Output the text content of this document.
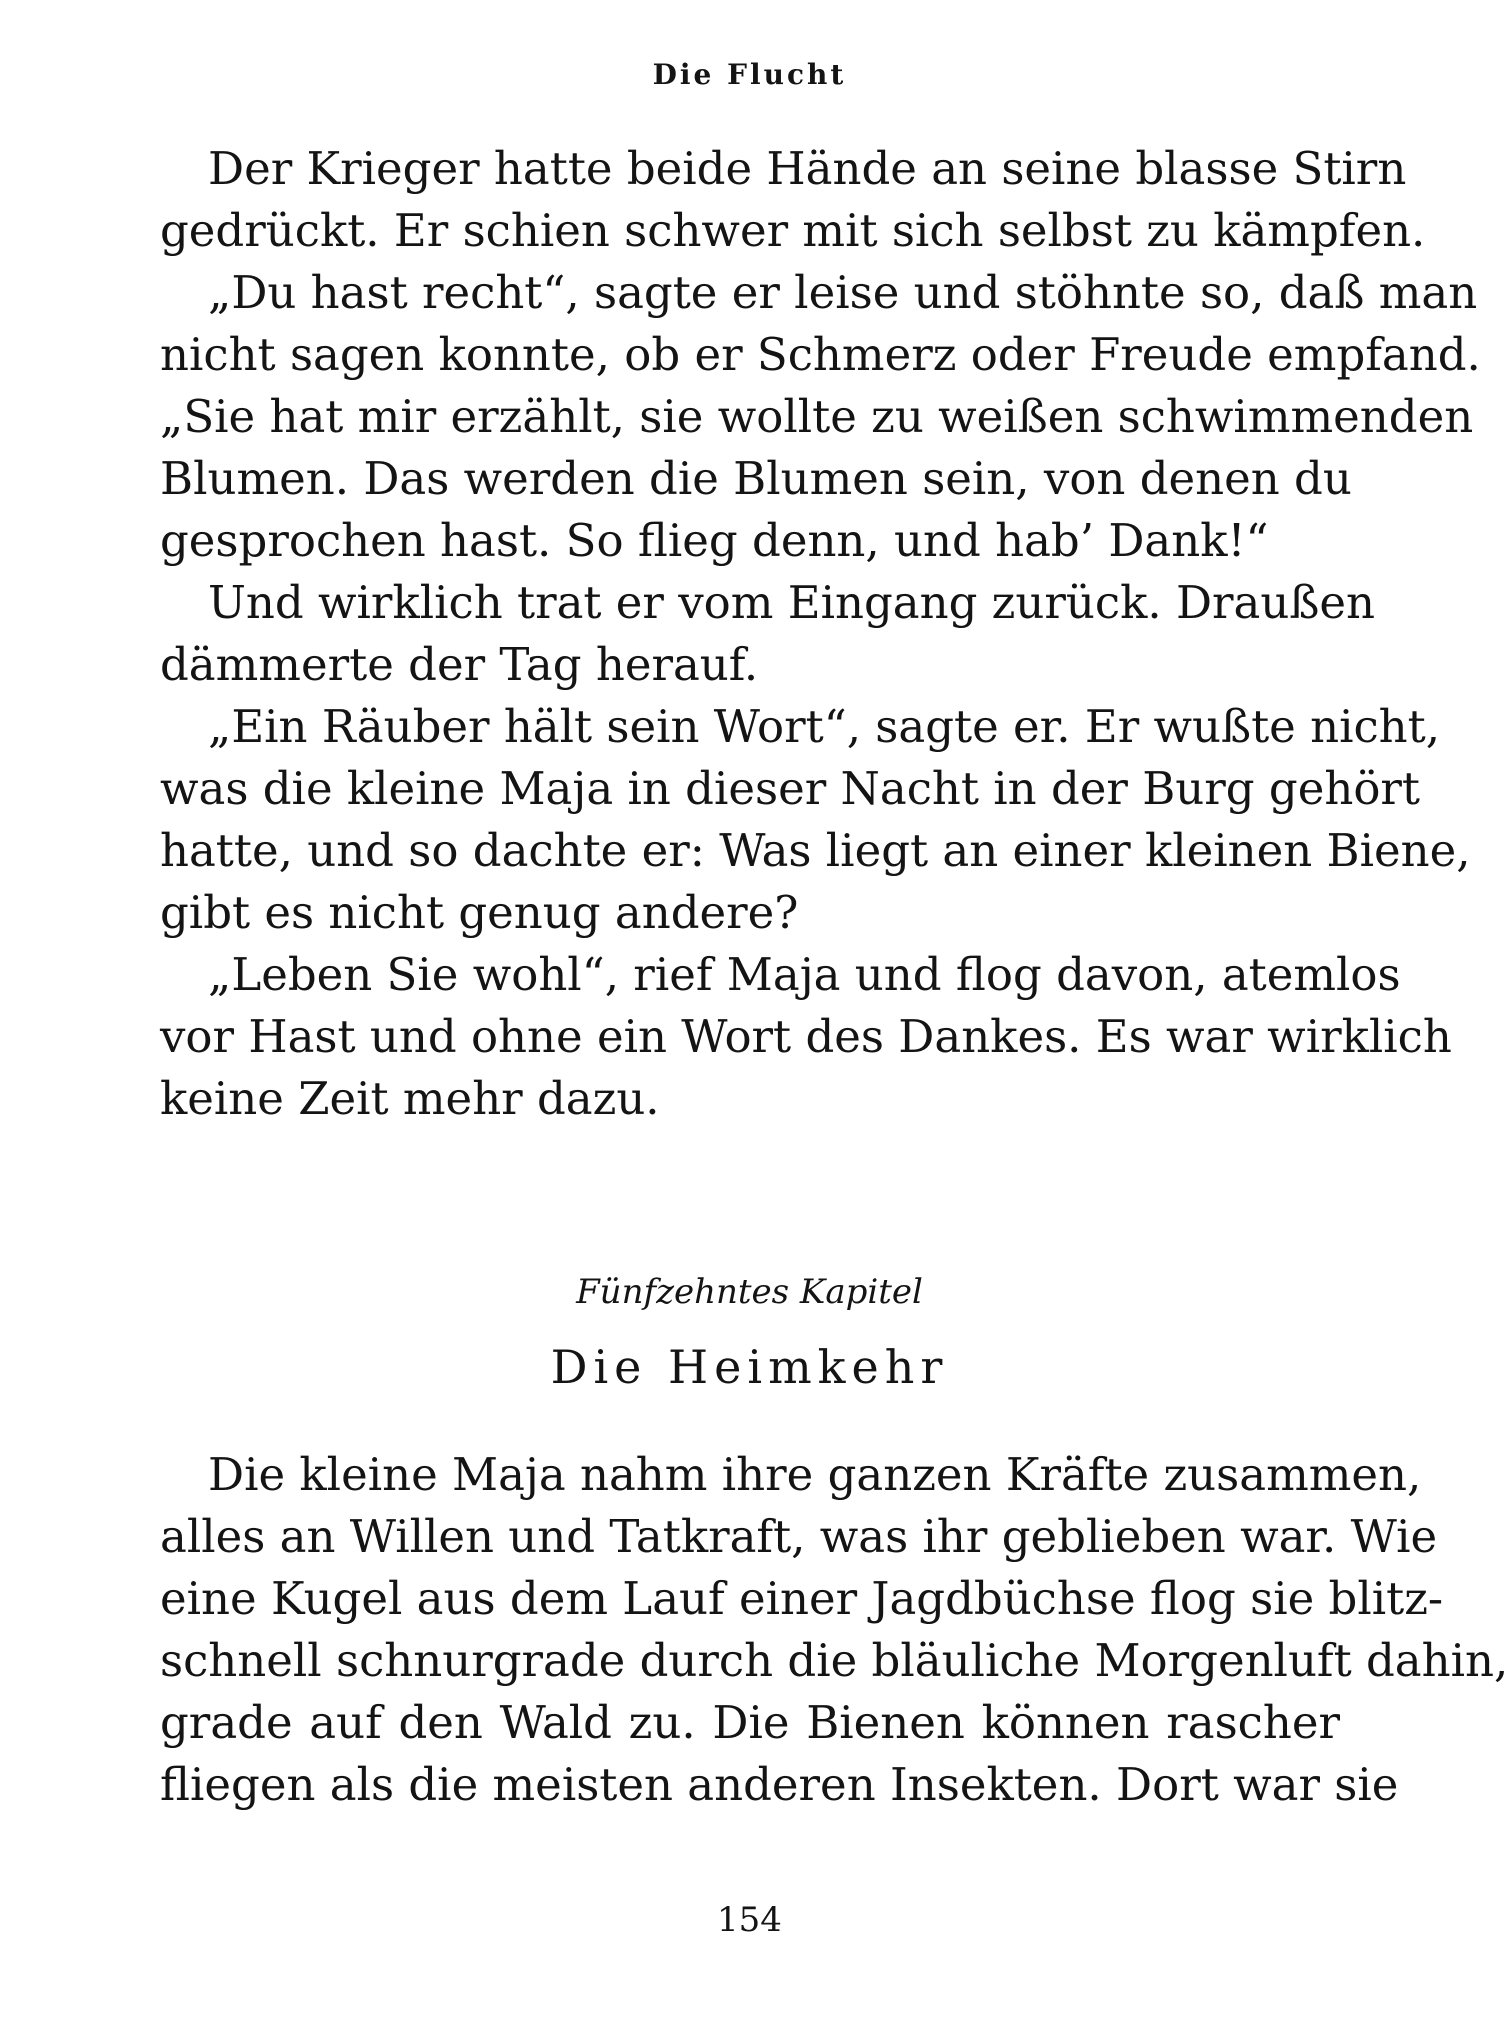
Die Flucht
Der Krieger hatte beide Hände an seine blasse Stirn
gedrückt. Er schien schwer mit sich selbst zu kämpfen.
„Du hast recht“, sagte er leise und stöhnte so, daß man
nicht sagen konnte, ob er Schmerz oder Freude empfand.
„Sie hat mir erzählt, sie wollte zu weißen schwimmenden
Blumen. Das werden die Blumen sein, von denen du
gesprochen hast. So flieg denn, und hab’ Dank!“
Und wirklich trat er vom Eingang zurück. Draußen
dämmerte der Tag herauf.
„Ein Räuber hält sein Wort“, sagte er. Er wußte nicht,
was die kleine Maja in dieser Nacht in der Burg gehört
hatte, und so dachte er: Was liegt an einer kleinen Biene,
gibt es nicht genug andere?
„Leben Sie wohl“, rief Maja und flog davon, atemlos
vor Hast und ohne ein Wort des Dankes. Es war wirklich
keine Zeit mehr dazu.
Fünfzehntes Kapitel
Die Heimkehr
Die kleine Maja nahm ihre ganzen Kräfte zusammen,
alles an Willen und Tatkraft, was ihr geblieben war. Wie
eine Kugel aus dem Lauf einer Jagdbüchse flog sie blitz-
schnell schnurgrade durch die bläuliche Morgenluft dahin,
grade auf den Wald zu. Die Bienen können rascher
fliegen als die meisten anderen Insekten. Dort war sie
154
